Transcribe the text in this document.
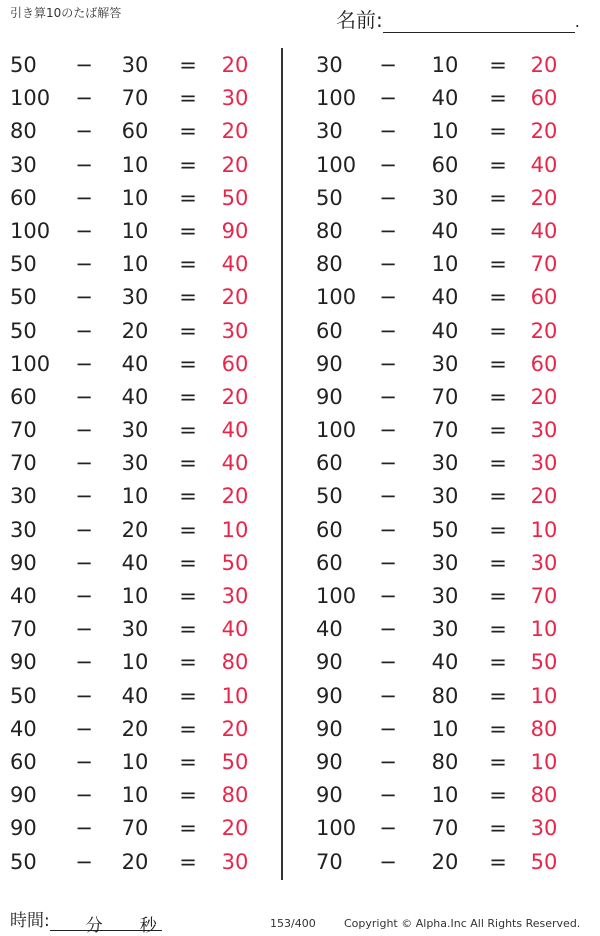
引き算10のたば解答	名前:	.
50	−	30	=	20
100 −	70	=	30
80	−	60	=	20
30	−	10	=	20
60	−	10	=	50
100 −	10	=	90
50	−	10	=	40
50	−	30	=	20
50	−	20	=	30
100 −	40	=	60
60	−	40	=	20
70	−	30	=	40
70	−	30	=	40
30	−	10	=	20
30	−	20	=	10
90	−	40	=	50
40	−	10	=	30
70	−	30	=	40
90	−	10	=	80
50	−	40	=	10
40	−	20	=	20
60	−	10	=	50
90	−	10	=	80
90	−	70	=	20
50	−	20	=	30
30	−	10	=	20
100 −	40	=	60
30	−	10	=	20
100 −	60	=	40
50	−	30	=	20
80	−	40	=	40
80	−	10	=	70
100 −	40	=	60
60	−	40	=	20
90	−	30	=	60
90	−	70	=	20
100 −	70	=	30
60	−	30	=	30
50	−	30	=	20
60	−	50	=	10
60	−	30	=	30
100 −	30	=	70
40	−	30	=	10
90	−	40	=	50
90	−	80	=	10
90	−	10	=	80
90	−	80	=	10
90	−	10	=	80
100 −	70	=	30
70	−	20	=	50
時間: 分 秒	153/400	Copyright © Alpha.Inc All Rights Reserved.
